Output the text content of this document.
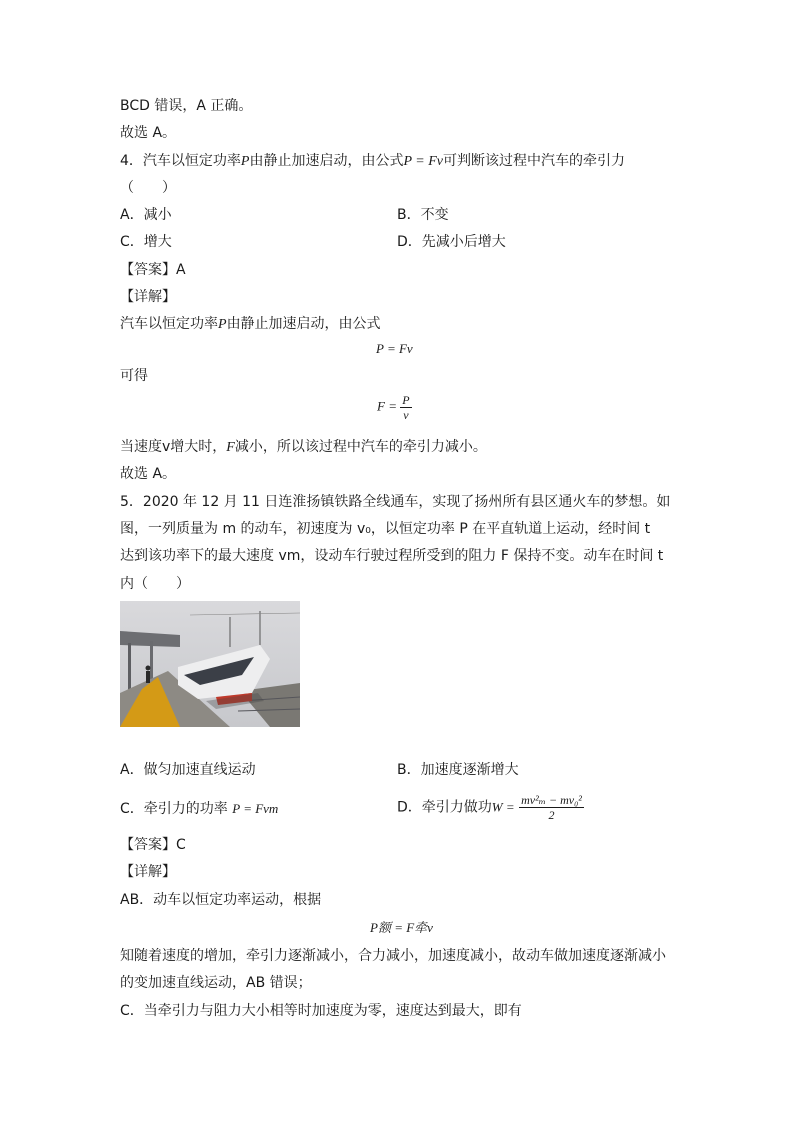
BCD 错误，A 正确。
故选 A。
4．汽车以恒定功率P由静止加速启动，由公式P = Fv可判断该过程中汽车的牵引力
（　　）
A．减小	B．不变
C．增大	D．先减小后增大
【答案】A
【详解】
汽车以恒定功率P由静止加速启动，由公式
P = Fv
可得
$F = \frac{P}{v}$
当速度v增大时，F减小，所以该过程中汽车的牵引力减小。
故选 A。
5．2020 年 12 月 11 日连淮扬镇铁路全线通车，实现了扬州所有县区通火车的梦想。如
图，一列质量为 m 的动车，初速度为 v₀，以恒定功率 P 在平直轨道上运动，经时间 t
达到该功率下的最大速度 vm，设动车行驶过程所受到的阻力 F 保持不变。动车在时间 t
内（　　）
A．做匀加速直线运动	B．加速度逐渐增大
C．牵引力的功率 P = Fvm	D．牵引力做功$W = \frac{\text{mv²ₘ − mv₀²}}{2}$
【答案】C
【详解】
AB．动车以恒定功率运动，根据
P额 = F牵v
知随着速度的增加，牵引力逐渐减小，合力减小，加速度减小，故动车做加速度逐渐减小
的变加速直线运动，AB 错误；
C．当牵引力与阻力大小相等时加速度为零，速度达到最大，即有
